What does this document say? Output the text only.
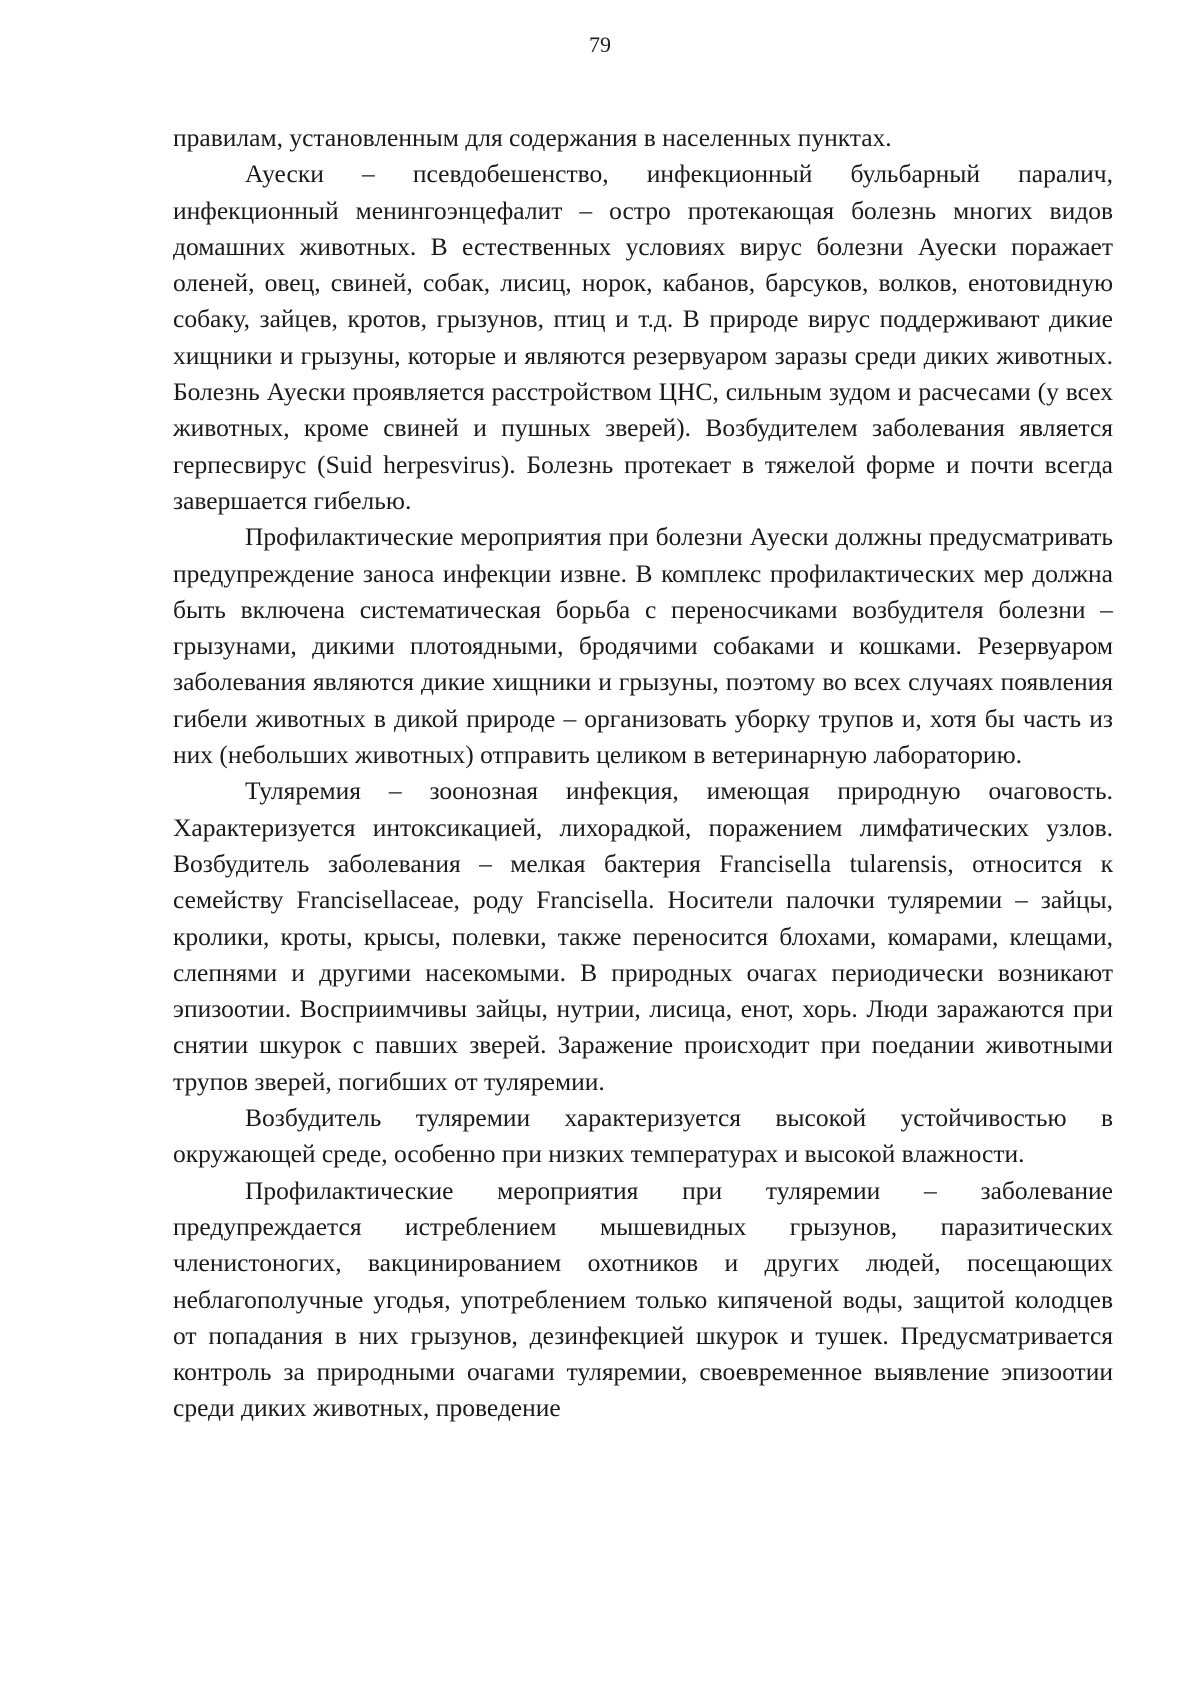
79

правилам, установленным для содержания в населенных пунктах.

Ауески – псевдобешенство, инфекционный бульбарный паралич, инфекционный менингоэнцефалит – остро протекающая болезнь многих видов домашних животных. В естественных условиях вирус болезни Ауески поражает оленей, овец, свиней, собак, лисиц, норок, кабанов, барсуков, волков, енотовидную собаку, зайцев, кротов, грызунов, птиц и т.д. В природе вирус поддерживают дикие хищники и грызуны, которые и являются резервуаром заразы среди диких животных. Болезнь Ауески проявляется расстройством ЦНС, сильным зудом и расчесами (у всех животных, кроме свиней и пушных зверей). Возбудителем заболевания является герпесвирус (Suid herpesvirus). Болезнь протекает в тяжелой форме и почти всегда завершается гибелью.

Профилактические мероприятия при болезни Ауески должны предусматривать предупреждение заноса инфекции извне. В комплекс профилактических мер должна быть включена систематическая борьба с переносчиками возбудителя болезни – грызунами, дикими плотоядными, бродячими собаками и кошками. Резервуаром заболевания являются дикие хищники и грызуны, поэтому во всех случаях появления гибели животных в дикой природе – организовать уборку трупов и, хотя бы часть из них (небольших животных) отправить целиком в ветеринарную лабораторию.

Туляремия – зоонозная инфекция, имеющая природную очаговость. Характеризуется интоксикацией, лихорадкой, поражением лимфатических узлов. Возбудитель заболевания – мелкая бактерия Francisella tularensis, относится к семейству Francisellaceae, роду Francisella. Носители палочки туляремии – зайцы, кролики, кроты, крысы, полевки, также переносится блохами, комарами, клещами, слепнями и другими насекомыми. В природных очагах периодически возникают эпизоотии. Восприимчивы зайцы, нутрии, лисица, енот, хорь. Люди заражаются при снятии шкурок с павших зверей. Заражение происходит при поедании животными трупов зверей, погибших от туляремии.

Возбудитель туляремии характеризуется высокой устойчивостью в окружающей среде, особенно при низких температурах и высокой влажности.

Профилактические мероприятия при туляремии – заболевание предупреждается истреблением мышевидных грызунов, паразитических членистоногих, вакцинированием охотников и других людей, посещающих неблагополучные угодья, употреблением только кипяченой воды, защитой колодцев от попадания в них грызунов, дезинфекцией шкурок и тушек. Предусматривается контроль за природными очагами туляремии, своевременное выявление эпизоотии среди диких животных, проведение
